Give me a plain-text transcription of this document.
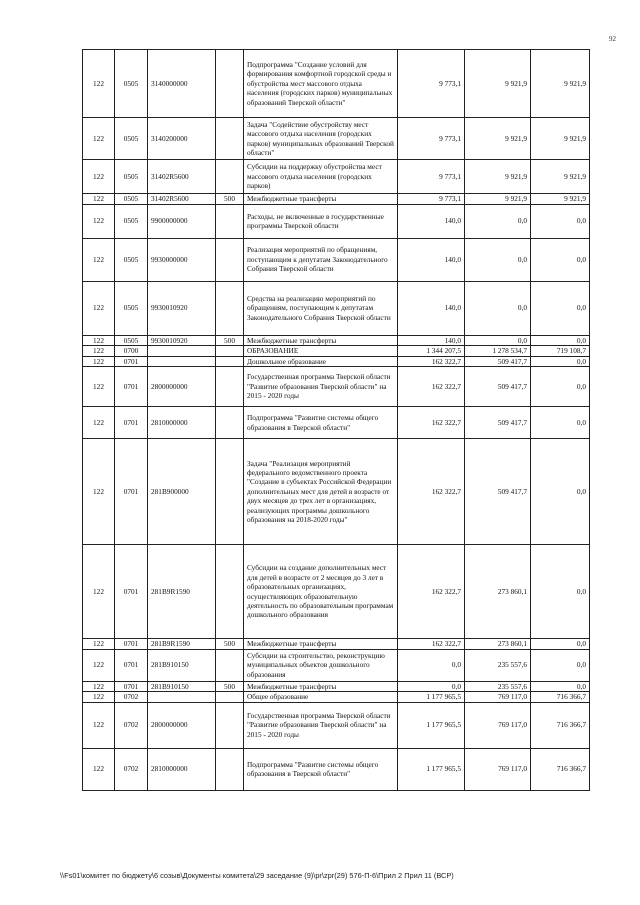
92
122	0505	3140000000		Подпрограмма "Создание условий для формирования комфортной городской среды и обустройства мест массового отдыха населения (городских парков) муниципальных образований Тверской области"	9 773,1	9 921,9	9 921,9
122	0505	3140200000		Задача "Содействие обустройству мест массового отдыха населения (городских парков) муниципальных образований Тверской области"	9 773,1	9 921,9	9 921,9
122	0505	31402R5600		Субсидии на поддержку обустройства мест массового отдыха населения (городских парков)	9 773,1	9 921,9	9 921,9
122	0505	31402R5600	500	Межбюджетные трансферты	9 773,1	9 921,9	9 921,9
122	0505	9900000000		Расходы, не включенные в государственные программы Тверской области	140,0	0,0	0,0
122	0505	9930000000		Реализация мероприятий по обращениям, поступающим к депутатам Законодательного Собрания Тверской области	140,0	0,0	0,0
122	0505	9930010920		Средства на реализацию мероприятий по обращениям, поступающим к депутатам Законодательного Собрания Тверской области	140,0	0,0	0,0
122	0505	9930010920	500	Межбюджетные трансферты	140,0	0,0	0,0
122	0700			ОБРАЗОВАНИЕ	1 344 207,5	1 278 534,7	719 108,7
122	0701			Дошкольное образование	162 322,7	509 417,7	0,0
122	0701	2800000000		Государственная программа Тверской области "Развитие образования Тверской области" на 2015 - 2020 годы	162 322,7	509 417,7	0,0
122	0701	2810000000		Подпрограмма "Развитие системы общего образования в Тверской области"	162 322,7	509 417,7	0,0
122	0701	281В900000		Задача "Реализация мероприятий федерального ведомственного проекта "Создание в субъектах Российской Федерации дополнительных мест для детей в возрасте от двух месяцев до трех лет в организациях, реализующих программы дошкольного образования на 2018-2020 годы"	162 322,7	509 417,7	0,0
122	0701	281В9R1590		Субсидии на создание дополнительных мест для детей в возрасте от 2 месяцев до 3 лет в образовательных организациях, осуществляющих образовательную деятельность по образовательным программам дошкольного образования	162 322,7	273 860,1	0,0
122	0701	281В9R1590	500	Межбюджетные трансферты	162 322,7	273 860,1	0,0
122	0701	281В910150		Субсидии на строительство, реконструкцию муниципальных объектов дошкольного образования	0,0	235 557,6	0,0
122	0701	281В910150	500	Межбюджетные трансферты	0,0	235 557,6	0,0
122	0702			Общее образование	1 177 965,5	769 117,0	716 366,7
122	0702	2800000000		Государственная программа Тверской области "Развитие образования Тверской области" на 2015 - 2020 годы	1 177 965,5	769 117,0	716 366,7
122	0702	2810000000		Подпрограмма "Развитие системы общего образования в Тверской области"	1 177 965,5	769 117,0	716 366,7
\\Fs01\комитет по бюджету\6 созыв\Документы комитета\29 заседание (9)\pr\zpr(29) 576-П-6\Прил 2 Прил 11 (ВСР)
